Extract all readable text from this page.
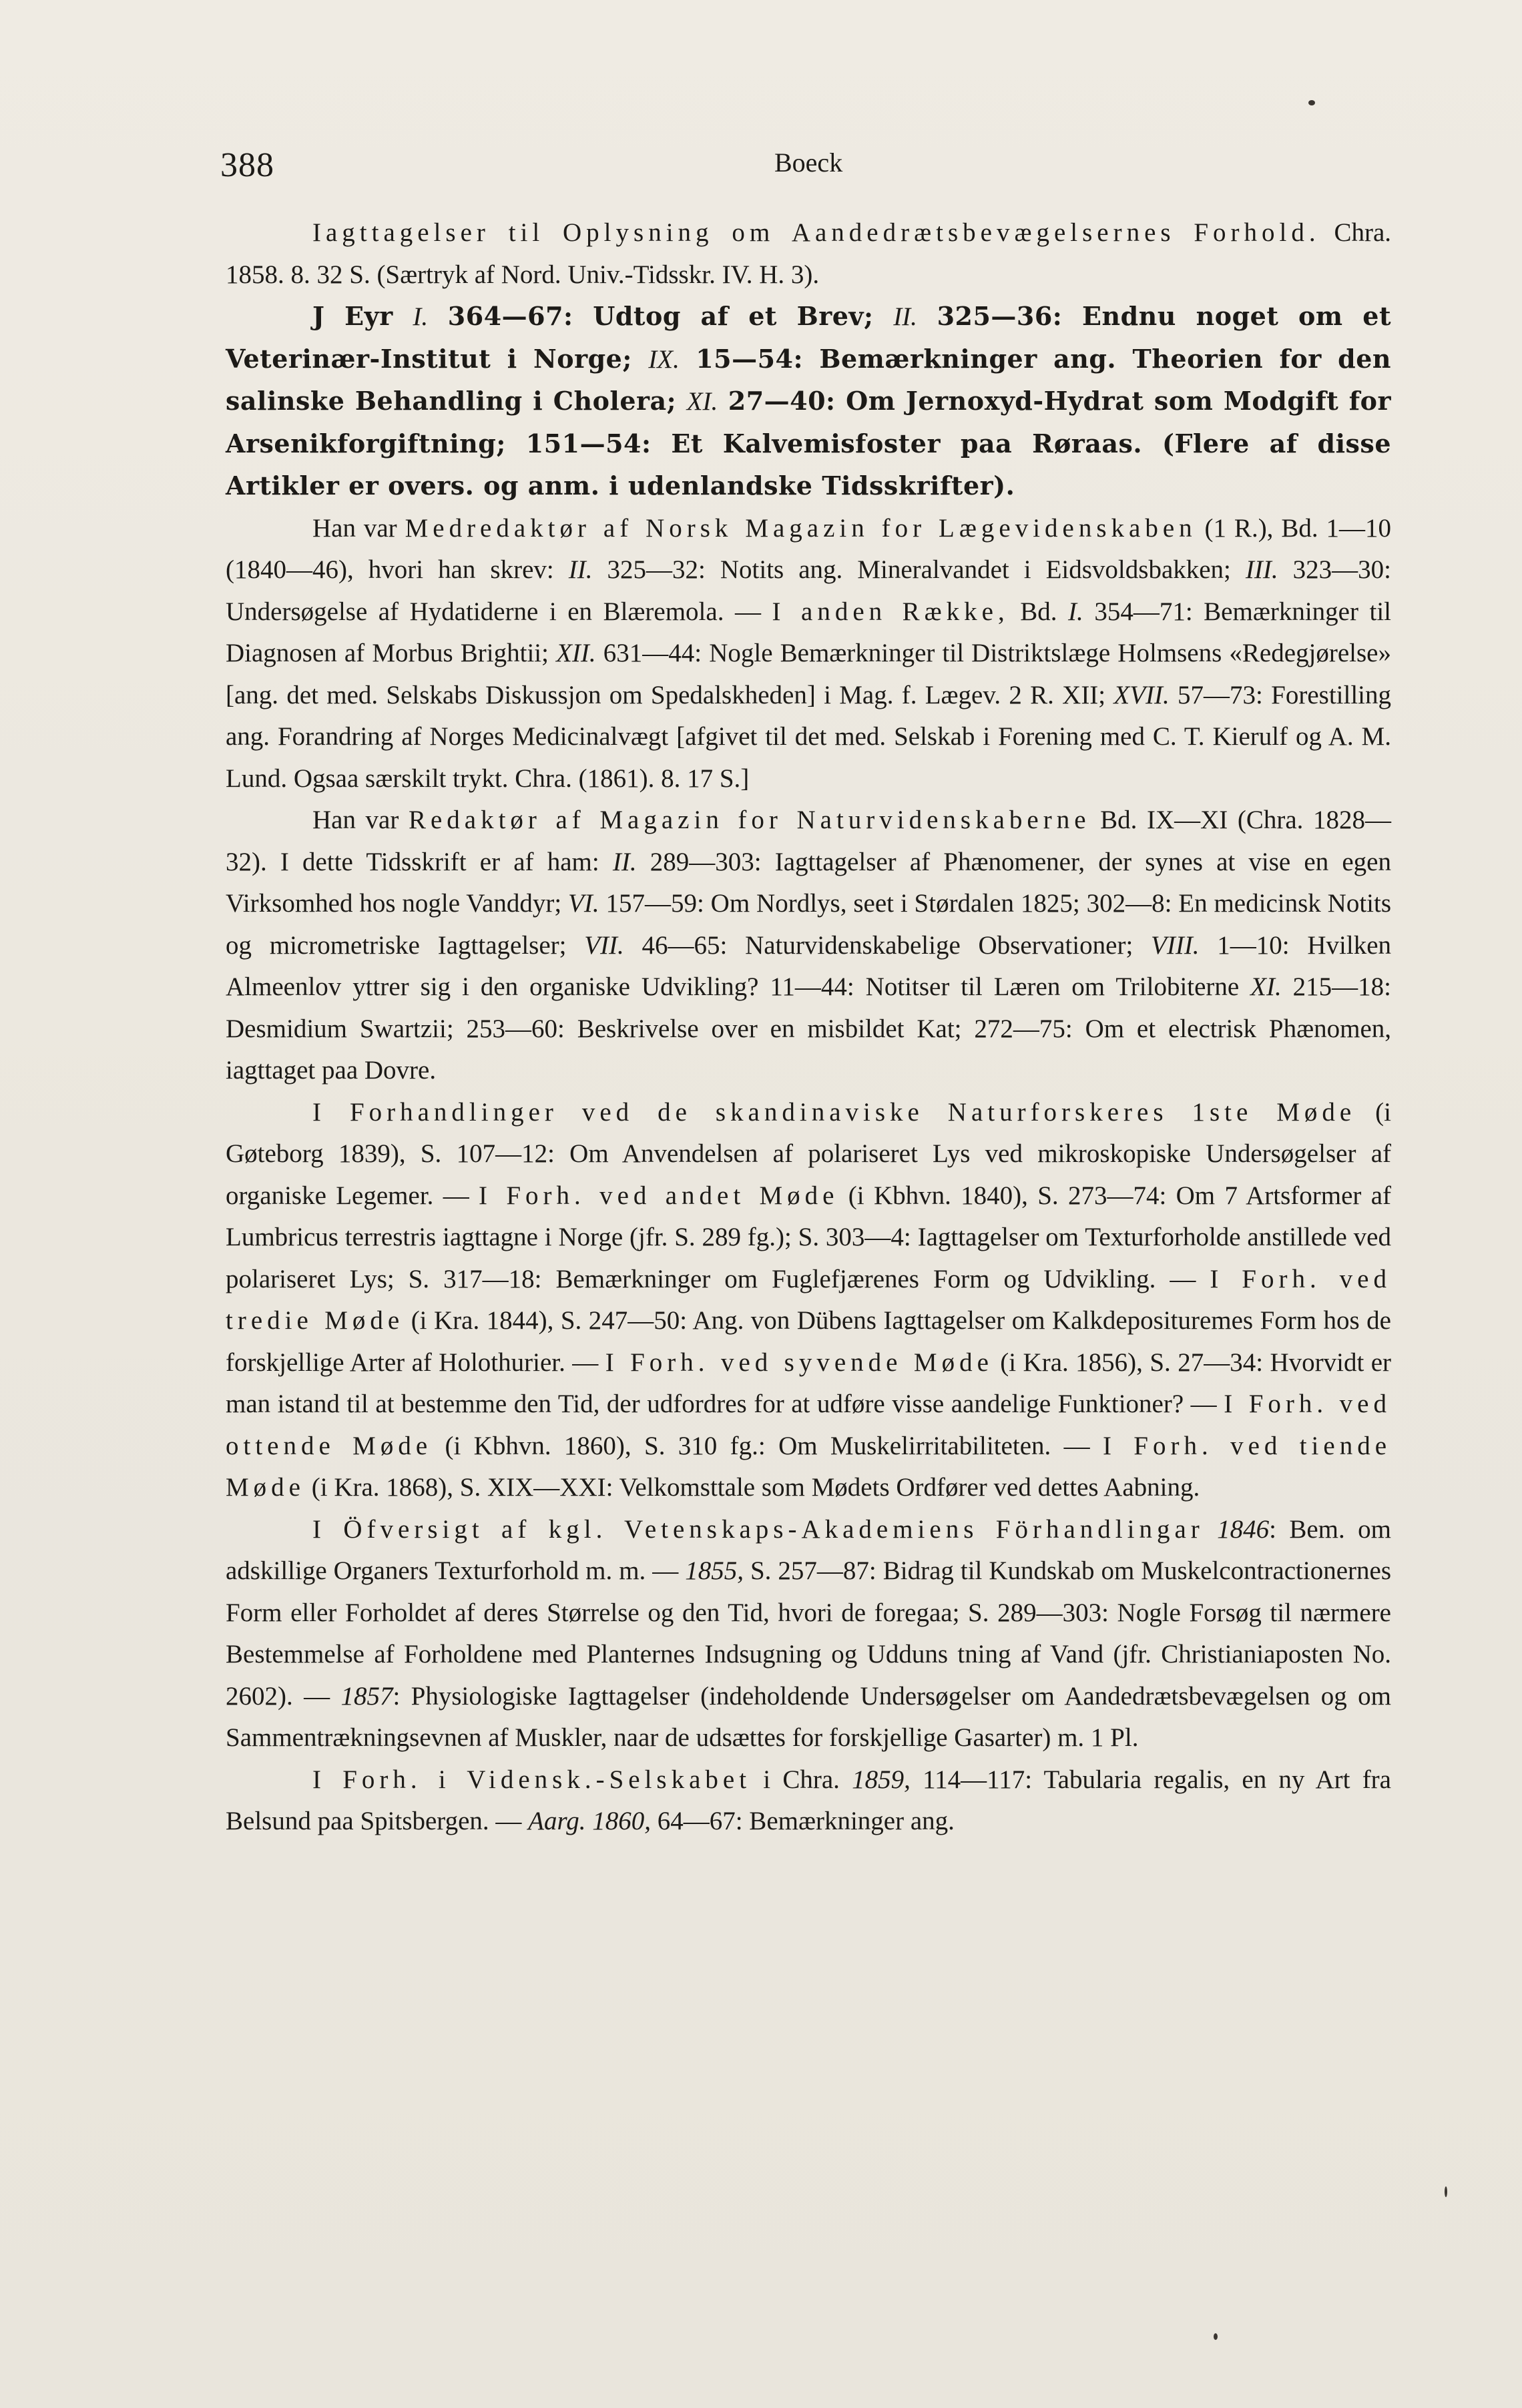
388	Boeck

Iagttagelser til Oplysning om Aandedrætsbevægelsernes Forhold. Chra. 1858. 8. 32 S. (Særtryk af Nord. Univ.-Tidsskr. IV. H. 3).

J Eyr I. 364—67: Udtog af et Brev; II. 325—36: Endnu noget om et Veterinær-Institut i Norge; IX. 15—54: Bemærkninger ang. Theorien for den salinske Behandling i Cholera; XI. 27—40: Om Jernoxyd-Hydrat som Modgift for Arsenikforgiftning; 151—54: Et Kalvemisfoster paa Røraas. (Flere af disse Artikler er overs. og anm. i udenlandske Tidsskrifter).

Han var Medredaktør af Norsk Magazin for Lægevidenskaben (1 R.), Bd. 1—10 (1840—46), hvori han skrev: II. 325—32: Notits ang. Mineralvandet i Eidsvoldsbakken; III. 323—30: Undersøgelse af Hydatiderne i en Blæremola. — I anden Række, Bd. I. 354—71: Bemærkninger til Diagnosen af Morbus Brightii; XII. 631—44: Nogle Bemærkninger til Distriktslæge Holmsens «Redegjørelse» [ang. det med. Selskabs Diskussjon om Spedalskheden] i Mag. f. Lægev. 2 R. XII; XVII. 57—73: Forestilling ang. Forandring af Norges Medicinalvægt [afgivet til det med. Selskab i Forening med C. T. Kierulf og A. M. Lund. Ogsaa særskilt trykt. Chra. (1861). 8. 17 S.]

Han var Redaktør af Magazin for Naturvidenskaberne Bd. IX—XI (Chra. 1828—32). I dette Tidsskrift er af ham: II. 289—303: Iagttagelser af Phænomener, der synes at vise en egen Virksomhed hos nogle Vanddyr; VI. 157—59: Om Nordlys, seet i Størdalen 1825; 302—8: En medicinsk Notits og micrometriske Iagttagelser; VII. 46—65: Naturvidenskabelige Observationer; VIII. 1—10: Hvilken Almeenlov yttrer sig i den organiske Udvikling? 11—44: Notitser til Læren om Trilobiterne XI. 215—18: Desmidium Swartzii; 253—60: Beskrivelse over en misbildet Kat; 272—75: Om et electrisk Phænomen, iagttaget paa Dovre.

I Forhandlinger ved de skandinaviske Naturforskeres 1ste Møde (i Gøteborg 1839), S. 107—12: Om Anvendelsen af polariseret Lys ved mikroskopiske Undersøgelser af organiske Legemer. — I Forh. ved andet Møde (i Kbhvn. 1840), S. 273—74: Om 7 Artsformer af Lumbricus terrestris iagttagne i Norge (jfr. S. 289 fg.); S. 303—4: Iagttagelser om Texturforholde anstillede ved polariseret Lys; S. 317—18: Bemærkninger om Fuglefjærenes Form og Udvikling. — I Forh. ved tredie Møde (i Kra. 1844), S. 247—50: Ang. von Dübens Iagttagelser om Kalkdeposituremes Form hos de forskjellige Arter af Holothurier. — I Forh. ved syvende Møde (i Kra. 1856), S. 27—34: Hvorvidt er man istand til at bestemme den Tid, der udfordres for at udføre visse aandelige Funktioner? — I Forh. ved ottende Møde (i Kbhvn. 1860), S. 310 fg.: Om Muskelirritabiliteten. — I Forh. ved tiende Møde (i Kra. 1868), S. XIX—XXI: Velkomsttale som Mødets Ordfører ved dettes Aabning.

I Öfversigt af kgl. Vetenskaps-Akademiens Förhandlingar 1846: Bem. om adskillige Organers Texturforhold m. m. — 1855, S. 257—87: Bidrag til Kundskab om Muskelcontractionernes Form eller Forholdet af deres Størrelse og den Tid, hvori de foregaa; S. 289—303: Nogle Forsøg til nærmere Bestemmelse af Forholdene med Planternes Indsugning og Udduns tning af Vand (jfr. Christianiaposten No. 2602). — 1857: Physiologiske Iagttagelser (indeholdende Undersøgelser om Aandedrætsbevægelsen og om Sammentrækningsevnen af Muskler, naar de udsættes for forskjellige Gasarter) m. 1 Pl.

I Forh. i Vidensk.-Selskabet i Chra. 1859, 114—117: Tabularia regalis, en ny Art fra Belsund paa Spitsbergen. — Aarg. 1860, 64—67: Bemærkninger ang.
